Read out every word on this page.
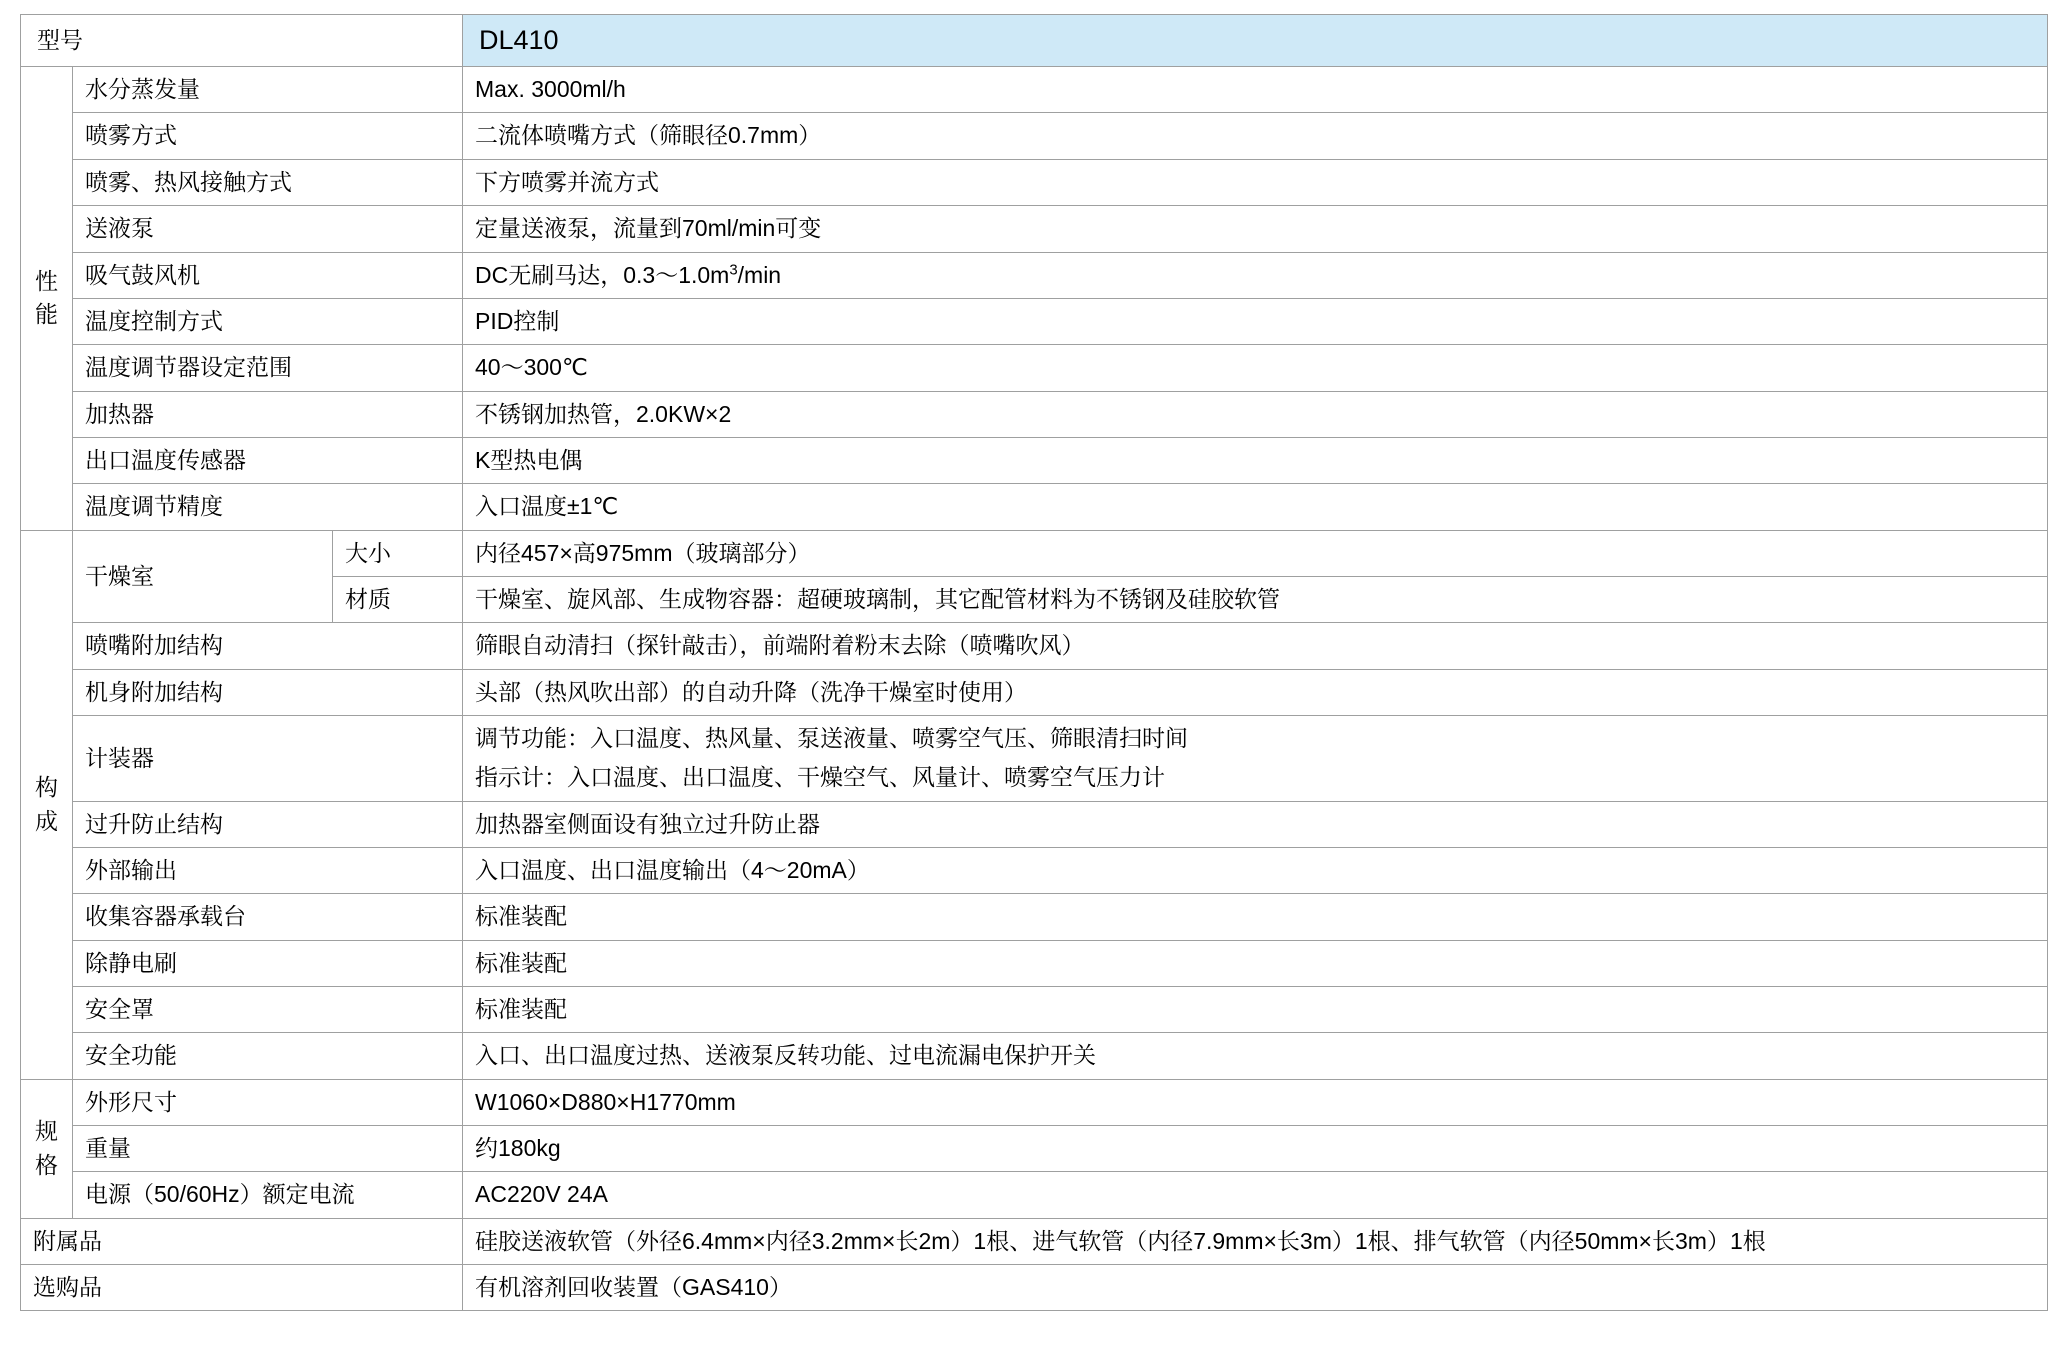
型号			DL410

性
能	水分蒸发量		Max. 3000ml/h
	喷雾方式		二流体喷嘴方式（筛眼径0.7mm）
	喷雾、热风接触方式		下方喷雾并流方式
	送液泵		定量送液泵，流量到70ml/min可变
	吸气鼓风机		DC无刷马达，$0.3\sim 1.0m^3/\min$
	温度控制方式		PID控制
	温度调节器设定范围		40～300℃
	加热器		不锈钢加热管，2.0KW×2
	出口温度传感器		K型热电偶
	温度调节精度		入口温度±1℃

构
成	干燥室	大小	内径457×高975mm（玻璃部分）
		材质	干燥室、旋风部、生成物容器：超硬玻璃制，其它配管材料为不锈钢及硅胶软管
	喷嘴附加结构		筛眼自动清扫（探针敲击），前端附着粉末去除（喷嘴吹风）
	机身附加结构		头部（热风吹出部）的自动升降（洗净干燥室时使用）
	计装器		调节功能：入口温度、热风量、泵送液量、喷雾空气压、筛眼清扫时间
指示计：入口温度、出口温度、干燥空气、风量计、喷雾空气压力计

	过升防止结构		加热器室侧面设有独立过升防止器
	外部输出		入口温度、出口温度输出（4～20mA）
	收集容器承载台		标准装配
	除静电刷		标准装配
	安全罩		标准装配
	安全功能		入口、出口温度过热、送液泵反转功能、过电流漏电保护开关

规
格	外形尺寸		W1060×D880×H1770mm
	重量		约180kg
	电源（50/60Hz）额定电流		AC220V 24A
附属品			硅胶送液软管（外径6.4mm×内径3.2mm×长2m）1根、进气软管（内径7.9mm×长3m）1根、排气软管（内径50mm×长3m）1根
选购品			有机溶剂回收装置（GAS410）
